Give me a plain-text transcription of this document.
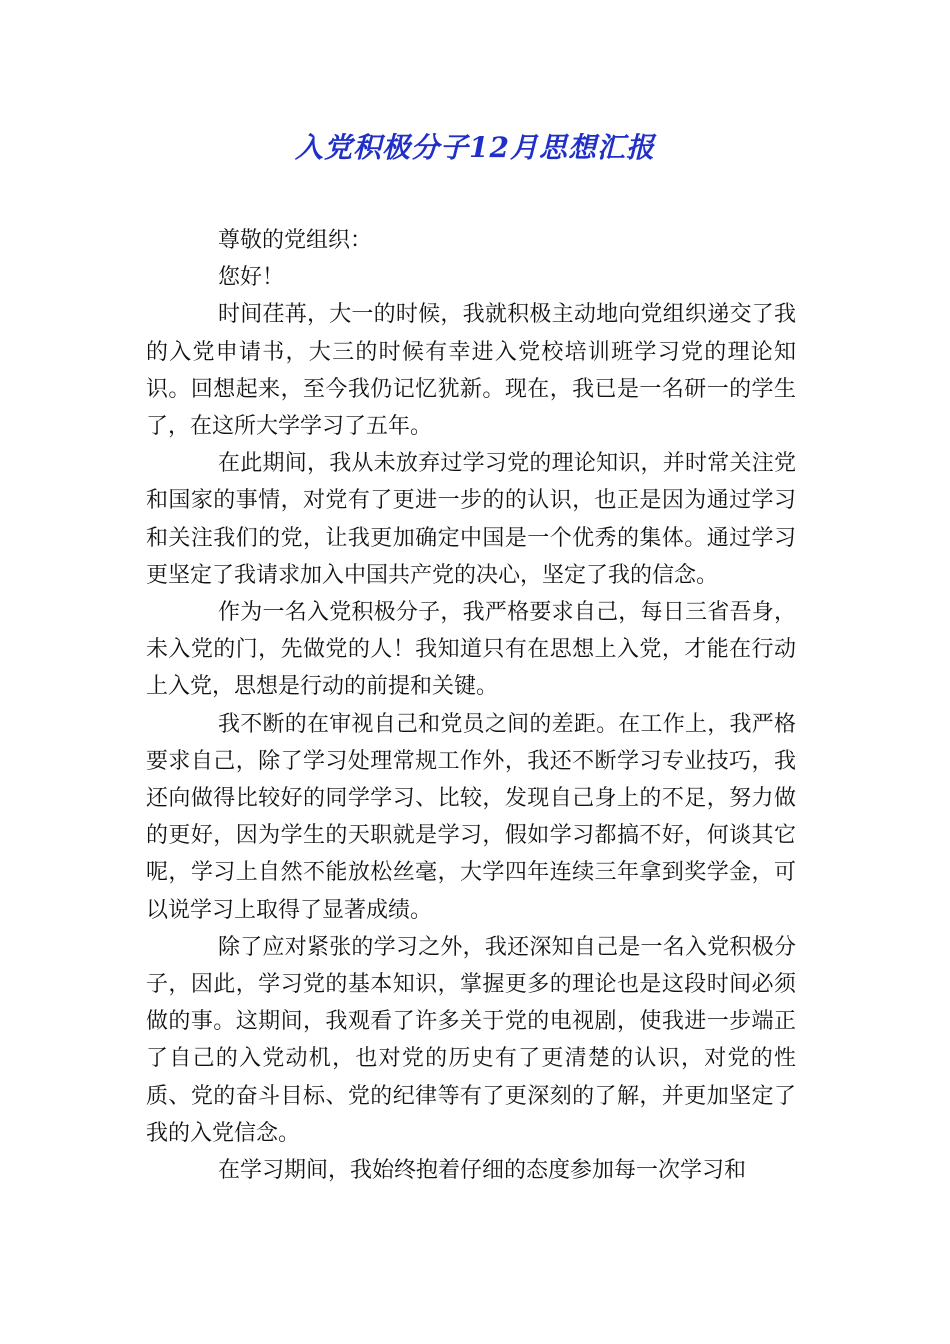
入党积极分子12月思想汇报

尊敬的党组织：

您好！

时间荏苒，大一的时候，我就积极主动地向党组织递交了我的入党申请书，大三的时候有幸进入党校培训班学习党的理论知识。回想起来，至今我仍记忆犹新。现在，我已是一名研一的学生了，在这所大学学习了五年。

在此期间，我从未放弃过学习党的理论知识，并时常关注党和国家的事情，对党有了更进一步的的认识，也正是因为通过学习和关注我们的党，让我更加确定中国是一个优秀的集体。通过学习更坚定了我请求加入中国共产党的决心，坚定了我的信念。

作为一名入党积极分子，我严格要求自己，每日三省吾身，未入党的门，先做党的人！我知道只有在思想上入党，才能在行动上入党，思想是行动的前提和关键。

我不断的在审视自己和党员之间的差距。在工作上，我严格要求自己，除了学习处理常规工作外，我还不断学习专业技巧，我还向做得比较好的同学学习、比较，发现自己身上的不足，努力做的更好，因为学生的天职就是学习，假如学习都搞不好，何谈其它呢，学习上自然不能放松丝毫，大学四年连续三年拿到奖学金，可以说学习上取得了显著成绩。

除了应对紧张的学习之外，我还深知自己是一名入党积极分子，因此，学习党的基本知识，掌握更多的理论也是这段时间必须做的事。这期间，我观看了许多关于党的电视剧，使我进一步端正了自己的入党动机，也对党的历史有了更清楚的认识，对党的性质、党的奋斗目标、党的纪律等有了更深刻的了解，并更加坚定了我的入党信念。

在学习期间，我始终抱着仔细的态度参加每一次学习和
